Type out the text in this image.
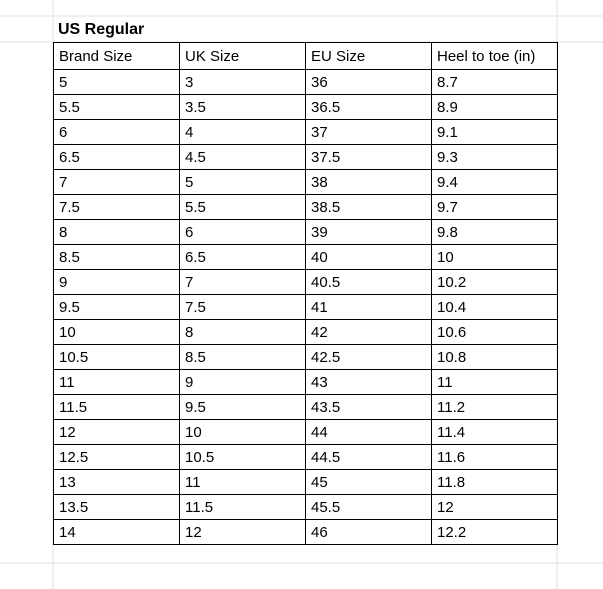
US Regular
Brand Size	UK Size	EU Size	Heel to toe (in)
5	3	36	8.7
5.5	3.5	36.5	8.9
6	4	37	9.1
6.5	4.5	37.5	9.3
7	5	38	9.4
7.5	5.5	38.5	9.7
8	6	39	9.8
8.5	6.5	40	10
9	7	40.5	10.2
9.5	7.5	41	10.4
10	8	42	10.6
10.5	8.5	42.5	10.8
11	9	43	11
11.5	9.5	43.5	11.2
12	10	44	11.4
12.5	10.5	44.5	11.6
13	11	45	11.8
13.5	11.5	45.5	12
14	12	46	12.2
